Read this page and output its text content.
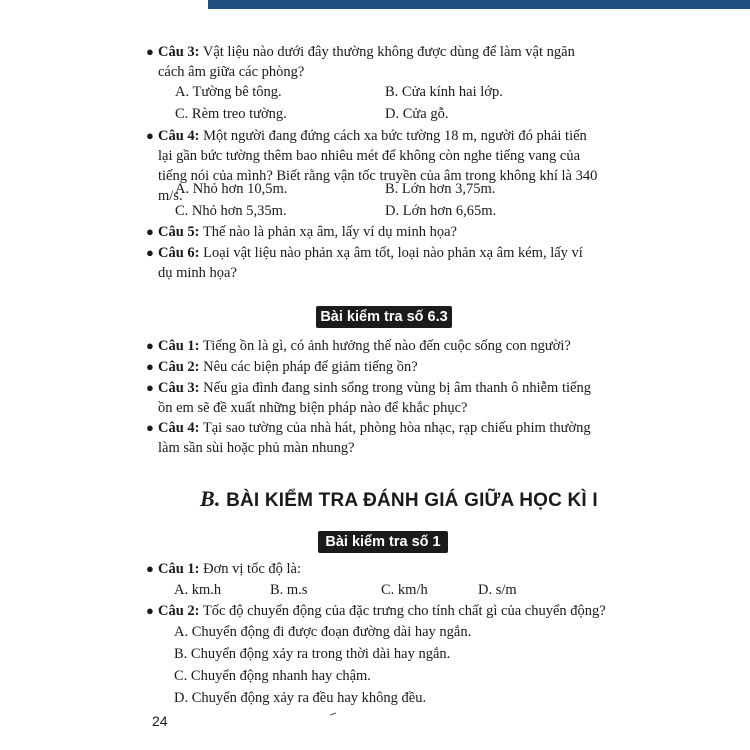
● Câu 3: Vật liệu nào dưới đây thường không được dùng để làm vật ngăn cách âm giữa các phòng?
A. Tường bê tông.	B. Cửa kính hai lớp.
C. Rèm treo tường.	D. Cửa gỗ.
● Câu 4: Một người đang đứng cách xa bức tường 18 m, người đó phải tiến lại gần bức tường thêm bao nhiêu mét để không còn nghe tiếng vang của tiếng nói của mình? Biết rằng vận tốc truyền của âm trong không khí là 340 m/s.
A. Nhỏ hơn 10,5m.	B. Lớn hơn 3,75m.
C. Nhỏ hơn 5,35m.	D. Lớn hơn 6,65m.
● Câu 5: Thế nào là phản xạ âm, lấy ví dụ minh họa?
● Câu 6: Loại vật liệu nào phản xạ âm tốt, loại nào phản xạ âm kém, lấy ví dụ minh họa?
Bài kiểm tra số 6.3
● Câu 1: Tiếng ồn là gì, có ảnh hưởng thế nào đến cuộc sống con người?
● Câu 2: Nêu các biện pháp để giảm tiếng ồn?
● Câu 3: Nếu gia đình đang sinh sống trong vùng bị âm thanh ô nhiễm tiếng ồn em sẽ đề xuất những biện pháp nào để khắc phục?
● Câu 4: Tại sao tường của nhà hát, phòng hòa nhạc, rạp chiếu phim thường làm sần sùi hoặc phủ màn nhung?
B. BÀI KIỂM TRA ĐÁNH GIÁ GIỮA HỌC KÌ I
Bài kiểm tra số 1
● Câu 1: Đơn vị tốc độ là:
A. km.h	B. m.s	C. km/h	D. s/m
● Câu 2: Tốc độ chuyển động của đặc trưng cho tính chất gì của chuyển động?
A. Chuyển động đi được đoạn đường dài hay ngắn.
B. Chuyển động xảy ra trong thời dài hay ngắn.
C. Chuyển động nhanh hay chậm.
D. Chuyển động xảy ra đều hay không đều.
24
